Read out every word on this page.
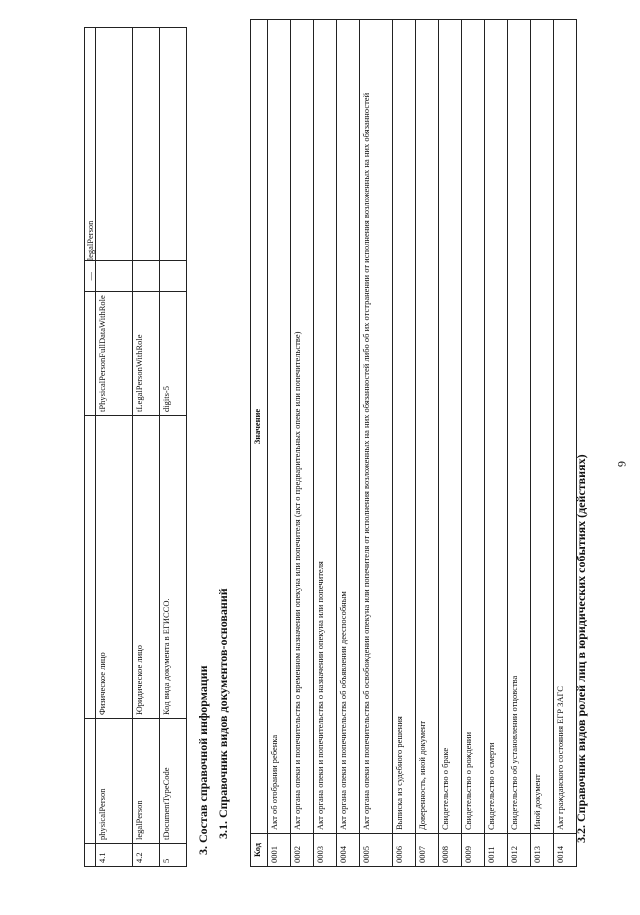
6
				—	legalPerson
4.1	physicalPerson	Физическое лицо	tPhysicalPersonFullDataWithRole		
4.2	legalPerson	Юридическое лицо	tLegalPersonWithRole		
5	tDocumentTypeCode	Код вида документа в ЕГИССО.	digits-5		
3. Состав справочной информации 3.1. Справочник видов документов-оснований
Код	Значение
0001	Акт об отобрании ребенка
0002	Акт органа опеки и попечительства о временном назначении опекуна или попечителя (акт о предварительных опеке или попечительстве)
0003	Акт органа опеки и попечительства о назначении опекуна или попечителя
0004	Акт органа опеки и попечительства об объявлении дееспособным
0005	Акт органа опеки и попечительства об освобождении опекуна или попечителя от исполнения возложенных на них обязанностей либо об их отстранении от исполнения возложенных на них обязанностей
0006	Выписка из судебного решения
0007	Доверенность, иной документ
0008	Свидетельство о браке
0009	Свидетельство о рождении
0011	Свидетельство о смерти
0012	Свидетельство об установлении отцовства
0013	Иной документ
0014	Акт гражданского состояния ЕГР ЗАГС 3.2. Справочник видов ролей лиц в юридических событиях (действиях)
